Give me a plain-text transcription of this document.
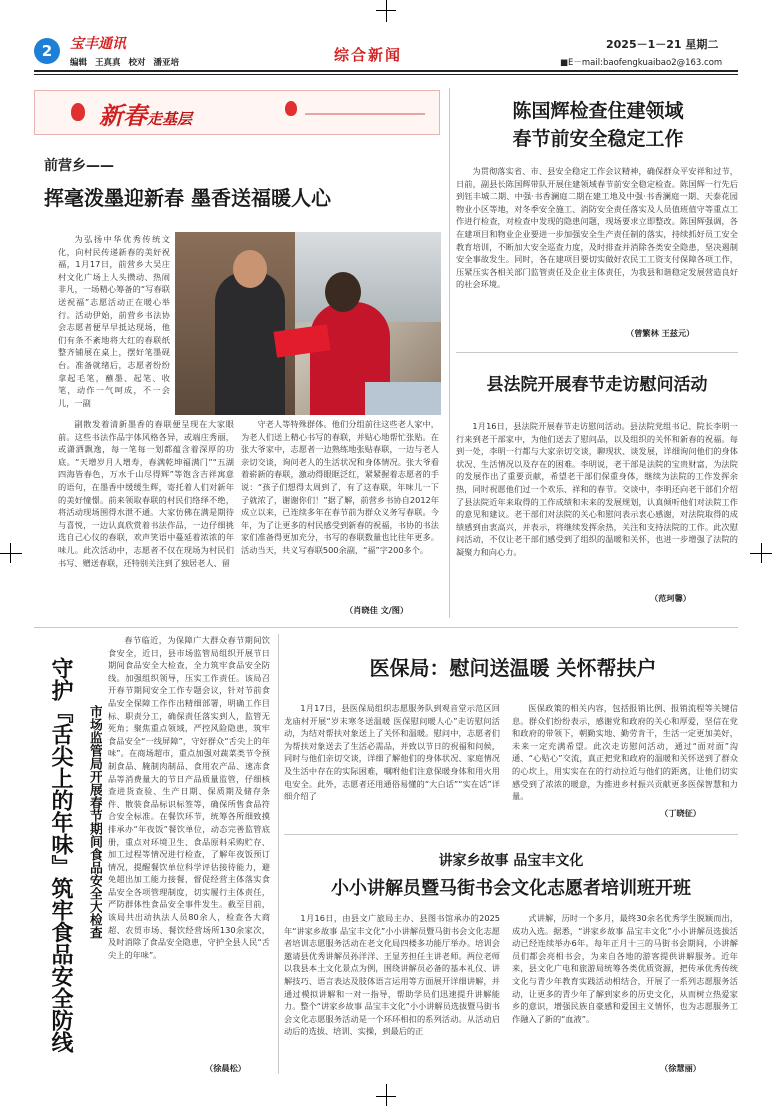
2	宝丰通讯
编辑 王真真 校对 潘亚培	综合新闻
2025－1－21 星期二
■E－mail:baofengkuaibao2@163.com
新春走基层
前营乡——
挥毫泼墨迎新春 墨香送福暖人心
为弘扬中华优秀传统文化，向村民传递新春的美好祝福，1月17日，前营乡大吴庄村文化广场上人头攒动、热闹非凡，一场精心筹备的“写春联 送祝福”志愿活动正在暖心举行。活动伊始，前营乡书法协会志愿者便早早抵达现场，他们有条不紊地将大红的春联纸整齐铺展在桌上，摆好笔墨砚台。准备就绪后，志愿者纷纷拿起毛笔，蘸墨、起笔、收笔，动作一气呵成，不一会儿，一副
副散发着清新墨香的春联便呈现在大家眼前。这些书法作品字体风格各异，或端庄秀丽，或潇洒飘逸，每一笔每一划都蕴含着深厚的功底。“天增岁月人增寿，春满乾坤福满门”“五湖四海皆春色，万水千山尽得辉”等饱含吉祥寓意的语句，在墨香中缓缓生辉，寄托着人们对新年的美好憧憬。前来领取春联的村民们络绎不绝，将活动现场围得水泄不通。大家仿佛在满是期待与喜悦，一边认真欣赏着书法作品，一边仔细挑选自己心仪的春联，欢声笑语中蔓延着浓浓的年味儿。此次活动中，志愿者不仅在现场为村民们书写、赠送春联，还特别关注到了独居老人、留
守老人等特殊群体。他们分组前往这些老人家中，为老人们送上精心书写的春联，并贴心地帮忙张贴。在张大爷家中，志愿者一边熟练地张贴春联，一边与老人亲切交谈，询问老人的生活状况和身体情况。张大爷看着崭新的春联，激动得眼眶泛红，紧紧握着志愿者的手说：“孩子们想得太周到了，有了这春联，年味儿一下子就浓了，谢谢你们！”据了解，前营乡书协自2012年成立以来，已连续多年在春节前为群众义务写春联。今年，为了让更多的村民感受到新春的祝福，书协的书法家们准备得更加充分，书写的春联数量也比往年更多。活动当天，共义写春联500余副，“福”字200多个。
（肖晓佳 文/图）
陈国辉检查住建领域
春节前安全稳定工作
为贯彻落实省、市、县安全稳定工作会议精神，确保群众平安祥和过节，日前，副县长陈国辉带队开展住建领域春节前安全稳定检查。陈国辉一行先后到钰丰城二期、中强·书香澜庭二期在建工地及中强·书香澜庭一期、天泰花园物业小区等地，对冬季安全施工、消防安全责任落实及人员值班值守等重点工作进行检查，对检查中发现的隐患问题，现场要求立即整改。陈国辉强调，各在建项目和物业企业要进一步加强安全生产责任制的落实，持续抓好员工安全教育培训，不断加大安全巡查力度，及时排查并消除各类安全隐患，坚决遏制安全事故发生。同时，各在建项目要切实做好农民工工资支付保障各项工作，压紧压实各相关部门监管责任及企业主体责任，为我县和谐稳定发展营造良好的社会环境。
（曾繁林 王兹元）
县法院开展春节走访慰问活动
1月16日，县法院开展春节走访慰问活动。县法院党组书记、院长李明一行来到老干部家中，为他们送去了慰问品，以及组织的关怀和新春的祝福。每到一处，李明一行都与大家亲切交谈，聊现状、谈发展，详细询问他们的身体状况、生活情况以及存在的困难。李明说，老干部是法院的宝贵财富，为法院的发展作出了重要贡献，希望老干部们保重身体，继续为法院的工作发挥余热，同时祝愿他们过一个欢乐、祥和的春节。交谈中，李明还向老干部们介绍了县法院近年来取得的工作成绩和未来的发展规划，认真倾听他们对法院工作的意见和建议。老干部们对法院的关心和慰问表示衷心感谢，对法院取得的成绩感到由衷高兴，并表示，将继续发挥余热，关注和支持法院的工作。此次慰问活动，不仅让老干部们感受到了组织的温暖和关怀，也进一步增强了法院的凝聚力和向心力。
（范珂馨）
守护『舌尖上的年味』筑牢食品安全防线	市场监管局开展春节期间食品安全大检查
春节临近，为保障广大群众春节期间饮食安全，近日，县市场监管局组织开展节日期间食品安全大检查，全力筑牢食品安全防线。加强组织领导，压实工作责任。该局召开春节期间安全工作专题会议，针对节前食品安全保障工作作出精细部署，明确工作目标、职责分工，确保责任落实到人，监管无死角；聚焦重点领域，严控风险隐患，筑牢食品安全“一线屏障”，守好群众“舌尖上的年味”。在商场超市，重点加强对蔬菜类节令预制食品、腌制肉制品、食用农产品、速冻食品等消费量大的节日产品质量监管，仔细核查进货查验、生产日期、保质期及储存条件、散装食品标识标签等，确保所售食品符合安全标准。在餐饮环节，统筹各所细致摸排承办“年夜饭”餐饮单位，动态完善监管底册，重点对环境卫生、食品原料采购贮存、加工过程等情况进行检查，了解年夜饭预订情况，提醒餐饮单位科学评估接待能力，避免超出加工能力接餐，督促经营主体落实食品安全各项管理制度，切实履行主体责任，严防群体性食品安全事件发生。截至目前，该局共出动执法人员80余人，检查各大商超、农贸市场、餐饮经营场所130余家次，及时消除了食品安全隐患，守护全县人民“舌尖上的年味”。
（徐晨松）
医保局：慰问送温暖 关怀帮扶户
1月17日，县医保局组织志愿服务队到观音堂示范区回龙庙村开展“岁末寒冬送温暖 医保慰问暖人心”走访慰问活动，为结对帮扶对象送上了关怀和温暖。慰问中，志愿者们为帮扶对象送去了生活必需品，并致以节日的祝福和问候，同时与他们亲切交谈，详细了解他们的身体状况、家庭情况及生活中存在的实际困难，嘱咐他们注意保暖身体和用火用电安全。此外，志愿者还用通俗易懂的“大白话”“实在话”详细介绍了
医保政策的相关内容，包括报销比例、报销流程等关键信息。群众们纷纷表示，感谢党和政府的关心和厚爱，坚信在党和政府的带领下，朝勤实地、勤劳肯干，生活一定更加美好，未来一定充满希望。此次走访慰问活动，通过“面对面”沟通、“心贴心”交流，真正把党和政府的温暖和关怀送到了群众的心坎上，用实实在在的行动拉近与他们的距离，让他们切实感受到了浓浓的暖意，为推进乡村振兴贡献更多医保智慧和力量。
（丁晓征）
讲家乡故事 品宝丰文化
小小讲解员暨马街书会文化志愿者培训班开班
1月16日，由县文广旅局主办、县图书馆承办的2025年“讲家乡故事 品宝丰文化”小小讲解员暨马街书会文化志愿者培训志愿服务活动在老文化局四楼多功能厅举办。培训会邀请县优秀讲解员孙洋洋、王显芳担任主讲老师。两位老师以我县本土文化景点为例，围绕讲解员必备的基本礼仪、讲解技巧、语言表达及肢体语言运用等方面展开详细讲解，并通过模拟讲解和一对一指导，帮助学员们迅速提升讲解能力。整个“讲家乡故事 品宝丰文化”小小讲解员选拔暨马街书会文化志愿服务活动是一个环环相扣的系列活动。从活动启动后的选拔、培训、实操，到最后的正
式讲解，历时一个多月，最终30余名优秀学生脱颖而出，成功入选。据悉，“讲家乡故事 品宝丰文化”小小讲解员选拔活动已经连续举办6年。每年正月十三的马街书会期间，小讲解员们都会亮相书会，为来自各地的游客提供讲解服务。近年来，县文化广电和旅游局统筹各类优质资源，把传承优秀传统文化与青少年教育实践活动相结合，开展了一系列志愿服务活动，让更多的青少年了解到家乡的历史文化，从而树立热爱家乡的意识，增强民族自豪感和爱国主义情怀，也为志愿服务工作融入了新的“血液”。
（徐慧丽）
